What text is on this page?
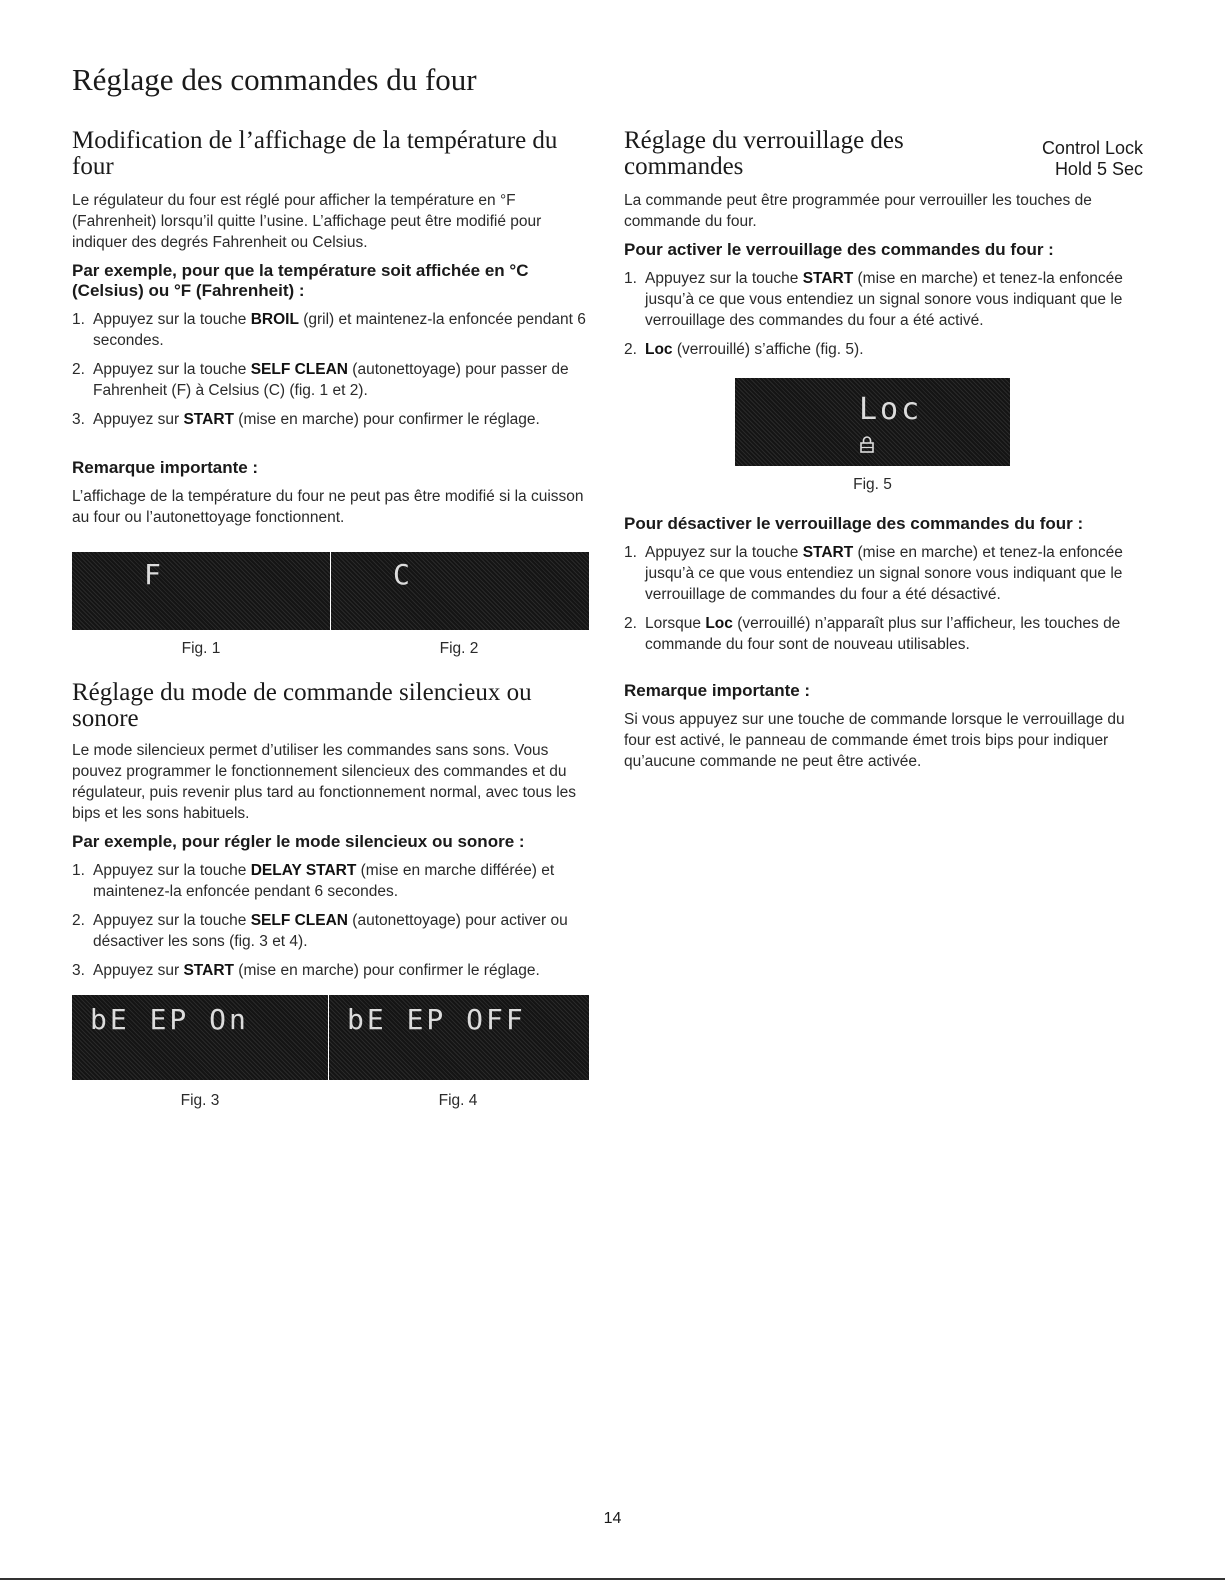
Réglage des commandes du four
Modification de l’affichage de la température du four

Le régulateur du four est réglé pour afficher la température en °F (Fahrenheit) lorsqu’il quitte l’usine. L’affichage peut être modifié pour indiquer des degrés Fahrenheit ou Celsius.

Par exemple, pour que la température soit affichée en °C (Celsius) ou °F (Fahrenheit) :
1. Appuyez sur la touche BROIL (gril) et maintenez-la enfoncée pendant 6 secondes.
2. Appuyez sur la touche SELF CLEAN (autonettoyage) pour passer de Fahrenheit (F) à Celsius (C) (fig. 1 et 2).
3. Appuyez sur START (mise en marche) pour confirmer le réglage.
Remarque importante :

L’affichage de la température du four ne peut pas être modifié si la cuisson au four ou l’autonettoyage fonctionnent.

F	C
Fig. 1	Fig. 2
Réglage du mode de commande silencieux ou sonore

Le mode silencieux permet d’utiliser les commandes sans sons. Vous pouvez programmer le fonctionnement silencieux des commandes et du régulateur, puis revenir plus tard au fonctionnement normal, avec tous les bips et les sons habituels.

Par exemple, pour régler le mode silencieux ou sonore :
1. Appuyez sur la touche DELAY START (mise en marche différée) et maintenez-la enfoncée pendant 6 secondes.
2. Appuyez sur la touche SELF CLEAN (autonettoyage) pour activer ou désactiver les sons (fig. 3 et 4).
3. Appuyez sur START (mise en marche) pour confirmer le réglage.
bE EP On	bE EP OFF
Fig. 3	Fig. 4
Réglage du verrouillage des
commandes
Control Lock
Hold 5 Sec

La commande peut être programmée pour verrouiller les touches de commande du four.

Pour activer le verrouillage des commandes du four :
1. Appuyez sur la touche START (mise en marche) et tenez-la enfoncée jusqu’à ce que vous entendiez un signal sonore vous indiquant que le verrouillage des commandes du four a été activé.
2. Loc (verrouillé) s’affiche (fig. 5).
Loc
Fig. 5
Pour désactiver le verrouillage des commandes du four :
1. Appuyez sur la touche START (mise en marche) et tenez-la enfoncée jusqu’à ce que vous entendiez un signal sonore vous indiquant que le verrouillage de commandes du four a été désactivé.
2. Lorsque Loc (verrouillé) n’apparaît plus sur l’afficheur, les touches de commande du four sont de nouveau utilisables.
Remarque importante :

Si vous appuyez sur une touche de commande lorsque le verrouillage du four est activé, le panneau de commande émet trois bips pour indiquer qu’aucune commande ne peut être activée.

14
